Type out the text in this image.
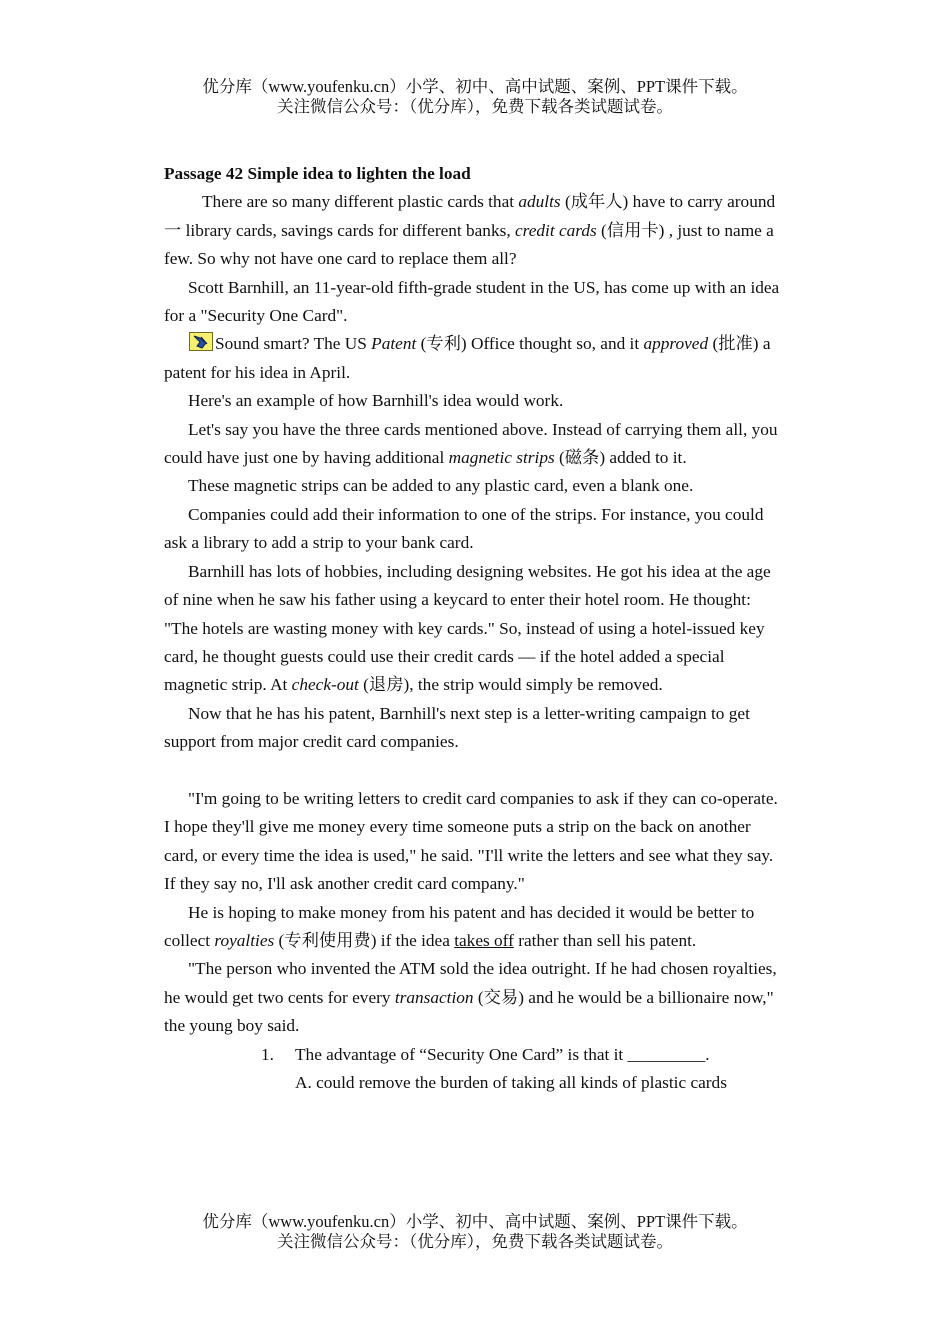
优分库（www.youfenku.cn）小学、初中、高中试题、案例、PPT课件下载。
关注微信公众号：（优分库），免费下载各类试题试卷。

Passage 42 Simple idea to lighten the load

There are so many different plastic cards that adults (成年人) have to carry around 一 library cards, savings cards for different banks, credit cards (信用卡) , just to name a few. So why not have one card to replace them all?

Scott Barnhill, an 11-year-old fifth-grade student in the US, has come up with an idea for a "Security One Card".

Sound smart? The US Patent (专利) Office thought so, and it approved (批准) a patent for his idea in April.

Here's an example of how Barnhill's idea would work.

Let's say you have the three cards mentioned above. Instead of carrying them all, you could have just one by having additional magnetic strips (磁条) added to it.

These magnetic strips can be added to any plastic card, even a blank one.

Companies could add their information to one of the strips. For instance, you could ask a library to add a strip to your bank card.

Barnhill has lots of hobbies, including designing websites. He got his idea at the age of nine when he saw his father using a keycard to enter their hotel room. He thought: "The hotels are wasting money with key cards." So, instead of using a hotel-issued key card, he thought guests could use their credit cards — if the hotel added a special magnetic strip. At check-out (退房), the strip would simply be removed.

Now that he has his patent, Barnhill's next step is a letter-writing campaign to get support from major credit card companies.

"I'm going to be writing letters to credit card companies to ask if they can co-operate. I hope they'll give me money every time someone puts a strip on the back on another card, or every time the idea is used," he said. "I'll write the letters and see what they say. If they say no, I'll ask another credit card company."

He is hoping to make money from his patent and has decided it would be better to collect royalties (专利使用费) if the idea takes off rather than sell his patent.

"The person who invented the ATM sold the idea outright. If he had chosen royalties, he would get two cents for every transaction (交易) and he would be a billionaire now," the young boy said.

1. The advantage of “Security One Card” is that it _________.

A. could remove the burden of taking all kinds of plastic cards

优分库（www.youfenku.cn）小学、初中、高中试题、案例、PPT课件下载。
关注微信公众号：（优分库），免费下载各类试题试卷。
